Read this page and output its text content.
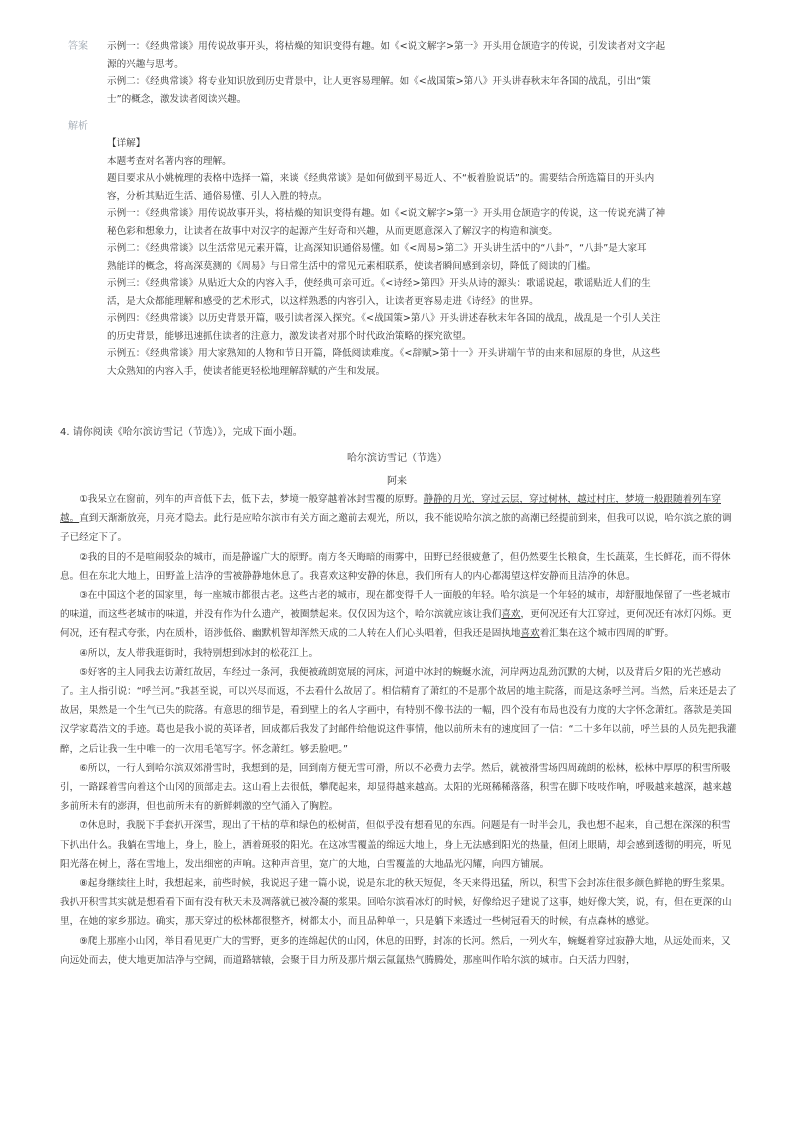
答案 示例一：《经典常谈》用传说故事开头，将枯燥的知识变得有趣。如《<说文解字>第一》开头用仓颉造字的传说，引发读者对文字起
源的兴趣与思考。
示例二：《经典常谈》将专业知识放到历史背景中，让人更容易理解。如《<战国策>第八》开头讲春秋末年各国的战乱，引出“策
士”的概念，激发读者阅读兴趣。
解析
【详解】
本题考查对名著内容的理解。
题目要求从小姚梳理的表格中选择一篇，来谈《经典常谈》是如何做到平易近人、不“板着脸说话”的。需要结合所选篇目的开头内
容，分析其贴近生活、通俗易懂、引人入胜的特点。
示例一：《经典常谈》用传说故事开头，将枯燥的知识变得有趣。如《<说文解字>第一》开头用仓颉造字的传说，这一传说充满了神
秘色彩和想象力，让读者在故事中对汉字的起源产生好奇和兴趣，从而更愿意深入了解汉字的构造和演变。
示例二：《经典常谈》以生活常见元素开篇，让高深知识通俗易懂。如《<周易>第二》开头讲生活中的“八卦”，“八卦”是大家耳
熟能详的概念，将高深莫测的《周易》与日常生活中的常见元素相联系，使读者瞬间感到亲切，降低了阅读的门槛。
示例三：《经典常谈》从贴近大众的内容入手，使经典可亲可近。《<诗经>第四》开头从诗的源头：歌谣说起，歌谣贴近人们的生
活，是大众都能理解和感受的艺术形式，以这样熟悉的内容引入，让读者更容易走进《诗经》的世界。
示例四：《经典常谈》以历史背景开篇，吸引读者深入探究。《<战国策>第八》开头讲述春秋末年各国的战乱，战乱是一个引人关注
的历史背景，能够迅速抓住读者的注意力，激发读者对那个时代政治策略的探究欲望。
示例五：《经典常谈》用大家熟知的人物和节日开篇，降低阅读难度。《<辞赋>第十一》开头讲端午节的由来和屈原的身世，从这些
大众熟知的内容入手，使读者能更轻松地理解辞赋的产生和发展。
4. 请你阅读《哈尔滨访雪记（节选）》，完成下面小题。
哈尔滨访雪记（节选）
阿来

①我呆立在窗前，列车的声音低下去，低下去，梦境一般穿越着冰封雪覆的原野。静静的月光，穿过云层，穿过树林，越过村庄，梦境一般跟随着列车穿越。直到天渐渐放亮，月亮才隐去。此行是应哈尔滨市有关方面之邀前去观光，所以，我不能说哈尔滨之旅的高潮已经提前到来，但我可以说，哈尔滨之旅的调子已经定下了。

②我的目的不是喧闹驳杂的城市，而是静谧广大的原野。南方冬天晦暗的雨雾中，田野已经很疲惫了，但仍然要生长粮食，生长蔬菜，生长鲜花，而不得休息。但在东北大地上，田野盖上洁净的雪被静静地休息了。我喜欢这种安静的休息，我们所有人的内心都渴望这样安静而且洁净的休息。

③在中国这个老的国家里，每一座城市都很古老。这些古老的城市，现在都变得千人一面般的年轻。哈尔滨是一个年轻的城市，却舒服地保留了一些老城市的味道，而这些老城市的味道，并没有作为什么遗产，被圈禁起来。仅仅因为这个，哈尔滨就应该让我们喜欢，更何况还有大江穿过，更何况还有冰灯闪烁。更何况，还有程式夸张，内在质朴，语涉低俗、幽默机智却浑然天成的二人转在人们心头唱着，但我还是固执地喜欢着汇集在这个城市四周的旷野。

④所以，友人带我逛街时，我特别想到冰封的松花江上。

⑤好客的主人同我去访萧红故居，车经过一条河，我便被疏朗宽展的河床，河道中冰封的蜿蜒水流，河岸两边乱劲沉默的大树，以及背后夕阳的光芒感动了。主人指引说：“呼兰河。”我甚至说，可以兴尽而返，不去看什么故居了。相信精育了萧红的不是那个故居的地主院落，而是这条呼兰河。当然，后来还是去了故居，果然是一个生气已失的院落。有意思的细节是，看到壁上的名人字画中，有特别不像书法的一幅，四个没有布局也没有力度的大字怀念萧红。落款是美国汉学家葛浩文的手迹。葛也是我小说的英译者，回成都后我发了封邮件给他说这件事情，他以前所未有的速度回了一信：“二十多年以前，呼兰县的人员先把我灌醉，之后让我一生中唯一的一次用毛笔写字。怀念萧红。够丢脸吧。”

⑥所以，一行人到哈尔滨双郊滑雪时，我想到的是，回到南方便无雪可滑，所以不必费力去学。然后，就被滑雪场四周疏朗的松林，松林中厚厚的积雪所吸引，一路踩着雪向着这个山冈的顶部走去。这山看上去很低，攀爬起来，却显得越来越高。太阳的光斑稀稀落落，积雪在脚下吱吱作响，呼吸越来越深，越来越多前所未有的澎湃，但也前所未有的新鲜刺激的空气涌入了胸腔。

⑦休息时，我脱下手套扒开深雪，现出了干枯的草和绿色的松树苗，但似乎没有想看见的东西。问题是有一时半会儿，我也想不起来，自己想在深深的积雪下扒出什么。我躺在雪地上，身上，脸上，洒着斑驳的阳光。在这冰雪覆盖的绵远大地上，身上无法感到阳光的热量，但闭上眼睛，却会感到透彻的明亮，听见阳光落在树上，落在雪地上，发出细密的声响。这种声音里，宽广的大地，白雪覆盖的大地晶光闪耀，向四方铺展。

⑧起身继续往上时，我想起来，前些时候，我说迟子建一篇小说，说是东北的秋天短促，冬天来得迅猛，所以，积雪下会封冻住很多颜色鲜艳的野生浆果。我扒开积雪其实就是想看看下面有没有秋天未及凋落就已被冷凝的浆果。回哈尔滨看冰灯的时候，好像给迟子建说了这事，她好像大笑，说，有，但在更深的山里，在她的家乡那边。确实，那天穿过的松林都很整齐，树都太小，而且品种单一，只是躺下来透过一些树冠看天的时候，有点森林的感觉。

⑨爬上那座小山冈，举目看见更广大的雪野，更多的连绵起伏的山冈，休息的田野，封冻的长河。然后，一列火车，蜿蜒着穿过寂静大地，从远处而来，又向远处而去，使大地更加洁净与空阔，而道路辖辕，会聚于目力所及那片烟云氤氲热气腾腾处，那座叫作哈尔滨的城市。白天活力四射，
